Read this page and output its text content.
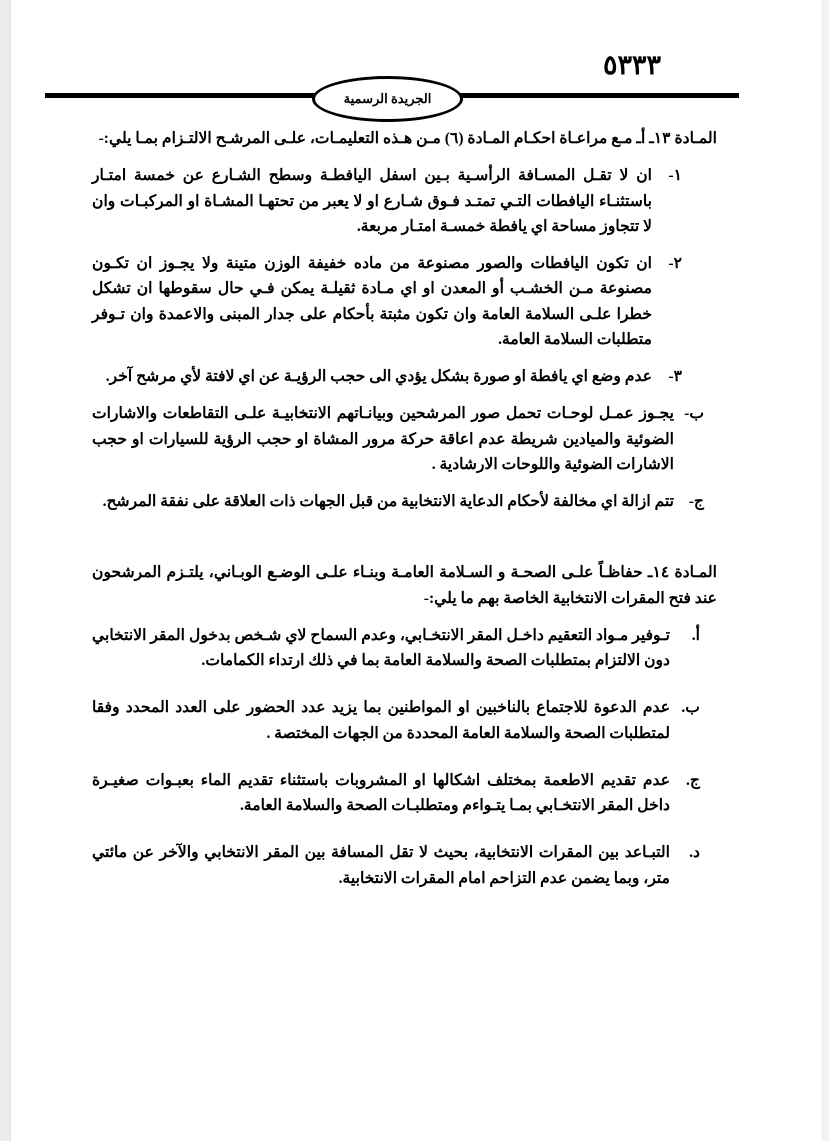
٥٣٣٣
الجريدة الرسمية
المـادة ١٣ـ أـ مـع مراعـاة احكـام المـادة (٦) مـن هـذه التعليمـات، علـى المرشـح الالتـزام بمـا يلي:-
١-
ان لا تقـل المسـافة الرأسـية بـين اسفل اليافطـة وسطح الشـارع عن خمسة امتـار باستثنـاء اليافطات التـي تمتـد فـوق شـارع او لا يعبر من تحتهـا المشـاة او المركبـات وان لا تتجاوز مساحة اي يافطة خمسـة امتـار مربعة.
٢-
ان تكون اليافطات والصور مصنوعة من ماده خفيفة الوزن متينة ولا يجـوز ان تكـون مصنوعة مـن الخشـب أو المعدن او اي مـادة ثقيلـة يمكن فـي حال سقوطها ان تشكل خطرا علـى السلامة العامة وان تكون مثبتة بأحكام على جدار المبنى والاعمدة وان تـوفر متطلبات السلامة العامة.
٣-
عدم وضع اي يافطة او صورة بشكل يؤدي الى حجب الرؤيـة عن اي لافتة لأي مرشح آخر.
ب-
يجـوز عمـل لوحـات تحمل صور المرشحين وبيانـاتهم الانتخابيـة علـى التقاطعات والاشارات الضوئية والميادين شريطة عدم اعاقة حركة مرور المشاة او حجب الرؤية للسيارات او حجب الاشارات الضوئية واللوحات الارشادية .
ج-
تتم ازالة اي مخالفة لأحكام الدعاية الانتخابية من قبل الجهات ذات العلاقة على نفقة المرشح.
المـادة ١٤ـ حفاظـاً علـى الصحـة و السـلامة العامـة وبنـاء علـى الوضـع الوبـاني، يلتـزم المرشحون عند فتح المقرات الانتخابية الخاصة بهم ما يلي:-
أ.
تـوفير مـواد التعقيم داخـل المقر الانتخـابي، وعدم السماح لاي شـخص بدخول المقر الانتخابي دون الالتزام بمتطلبات الصحة والسلامة العامة بما في ذلك ارتداء الكمامات.
ب.
عدم الدعوة للاجتماع بالناخبين او المواطنين بما يزيد عدد الحضور على العدد المحدد وفقا لمتطلبات الصحة والسلامة العامة المحددة من الجهات المختصة .
ج.
عدم تقديم الاطعمة بمختلف اشكالها او المشروبات باستثناء تقديم الماء بعبـوات صغيـرة داخل المقر الانتخـابي بمـا يتـواءم ومتطلبـات الصحة والسلامة العامة.
د.
التبـاعد بين المقرات الانتخابية، بحيث لا تقل المسافة بين المقر الانتخابي والآخر عن مائتي متر، وبما يضمن عدم التزاحم امام المقرات الانتخابية.
